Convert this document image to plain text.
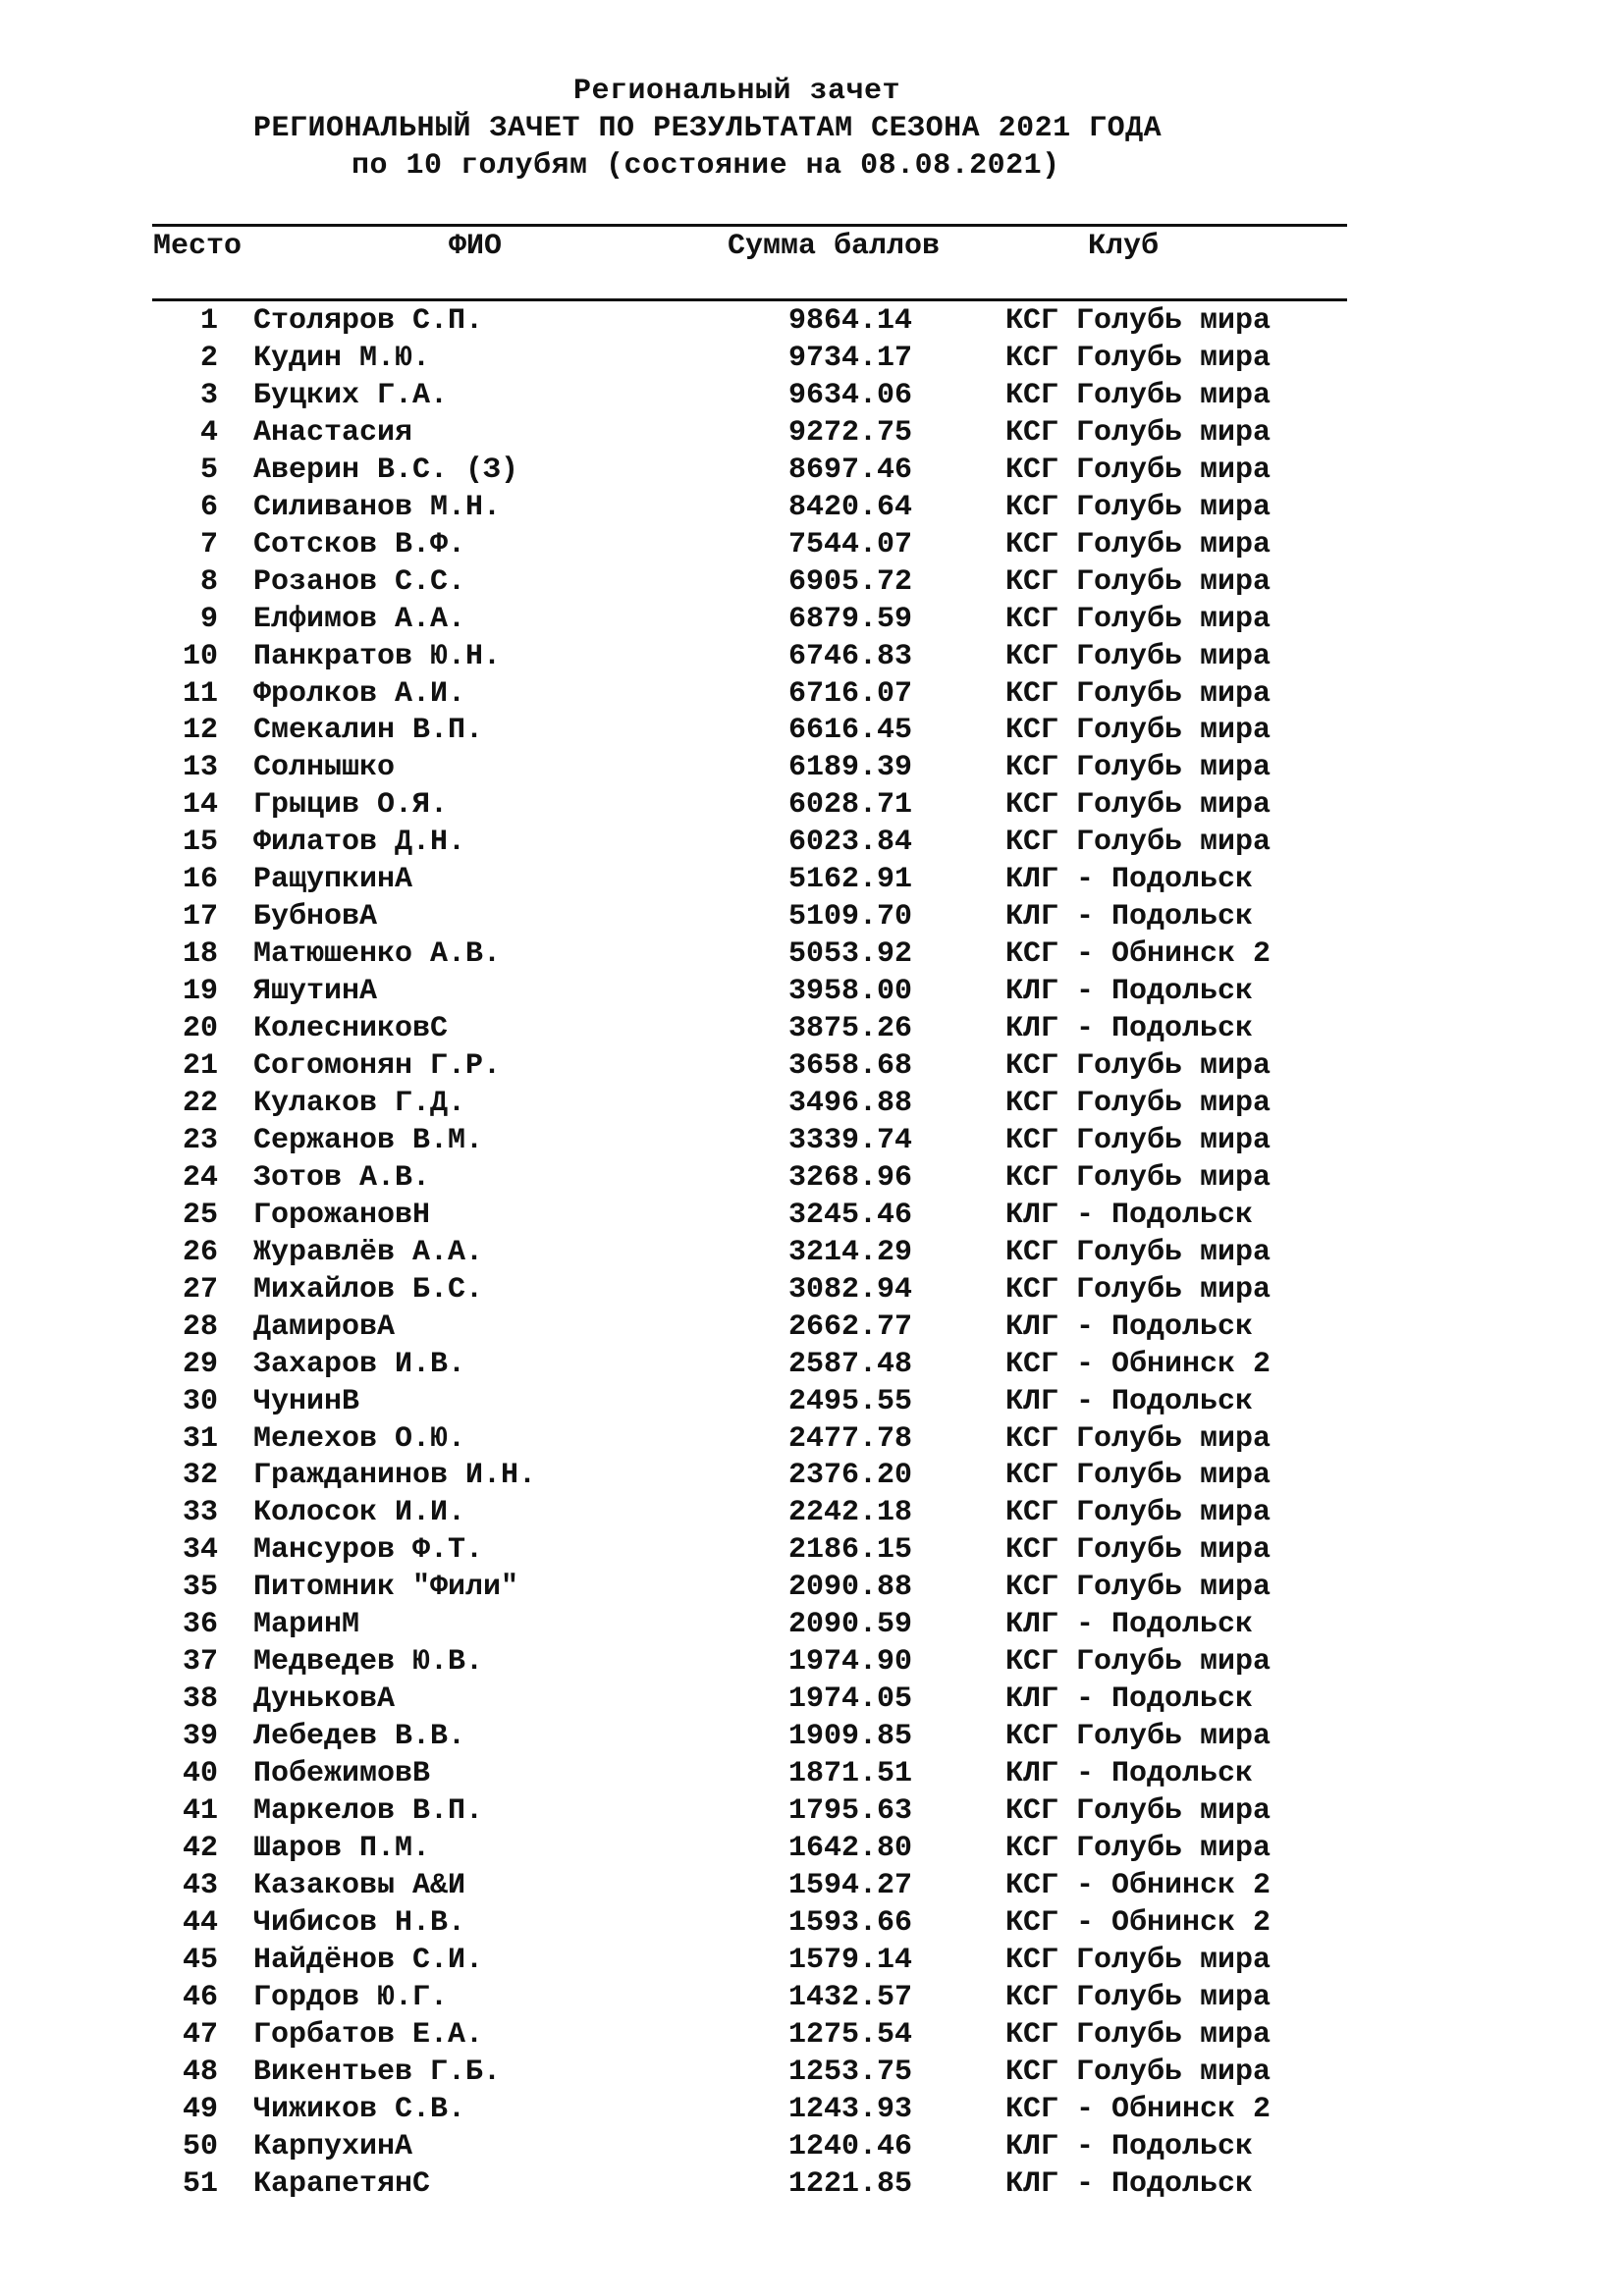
Региональный зачет
РЕГИОНАЛЬНЫЙ ЗАЧЕТ ПО РЕЗУЛЬТАТАМ СЕЗОНА 2021 ГОДА
по 10 голубям (состояние на 08.08.2021)
Место	ФИО	Сумма баллов	Клуб
1 Столяров С.П.	9864.14	КСГ Голубь мира
2 Кудин М.Ю.	9734.17	КСГ Голубь мира
3 Буцких Г.А.	9634.06	КСГ Голубь мира
4 Анастасия	9272.75	КСГ Голубь мира
5 Аверин В.С. (З)	8697.46	КСГ Голубь мира
6 Силиванов М.Н.	8420.64	КСГ Голубь мира
7 Сотсков В.Ф.	7544.07	КСГ Голубь мира
8 Розанов С.С.	6905.72	КСГ Голубь мира
9 Елфимов А.А.	6879.59	КСГ Голубь мира
10 Панкратов Ю.Н.	6746.83	КСГ Голубь мира
11 Фролков А.И.	6716.07	КСГ Голубь мира
12 Смекалин В.П.	6616.45	КСГ Голубь мира
13 Солнышко	6189.39	КСГ Голубь мира
14 Грыцив О.Я.	6028.71	КСГ Голубь мира
15 Филатов Д.Н.	6023.84	КСГ Голубь мира
16 РащупкинА	5162.91	КЛГ - Подольск
17 БубновА	5109.70	КЛГ - Подольск
18 Матюшенко А.В.	5053.92	КСГ - Обнинск 2
19 ЯшутинА	3958.00	КЛГ - Подольск
20 КолесниковС	3875.26	КЛГ - Подольск
21 Согомонян Г.Р.	3658.68	КСГ Голубь мира
22 Кулаков Г.Д.	3496.88	КСГ Голубь мира
23 Сержанов В.М.	3339.74	КСГ Голубь мира
24 Зотов А.В.	3268.96	КСГ Голубь мира
25 ГорожановН	3245.46	КЛГ - Подольск
26 Журавлёв А.А.	3214.29	КСГ Голубь мира
27 Михайлов Б.С.	3082.94	КСГ Голубь мира
28 ДамировА	2662.77	КЛГ - Подольск
29 Захаров И.В.	2587.48	КСГ - Обнинск 2
30 ЧунинВ	2495.55	КЛГ - Подольск
31 Мелехов О.Ю.	2477.78	КСГ Голубь мира
32 Гражданинов И.Н.	2376.20	КСГ Голубь мира
33 Колосок И.И.	2242.18	КСГ Голубь мира
34 Мансуров Ф.Т.	2186.15	КСГ Голубь мира
35 Питомник "Фили"	2090.88	КСГ Голубь мира
36 МаринМ	2090.59	КЛГ - Подольск
37 Медведев Ю.В.	1974.90	КСГ Голубь мира
38 ДуньковА	1974.05	КЛГ - Подольск
39 Лебедев В.В.	1909.85	КСГ Голубь мира
40 ПобежимовВ	1871.51	КЛГ - Подольск
41 Маркелов В.П.	1795.63	КСГ Голубь мира
42 Шаров П.М.	1642.80	КСГ Голубь мира
43 Казаковы А&И	1594.27	КСГ - Обнинск 2
44 Чибисов Н.В.	1593.66	КСГ - Обнинск 2
45 Найдёнов С.И.	1579.14	КСГ Голубь мира
46 Гордов Ю.Г.	1432.57	КСГ Голубь мира
47 Горбатов Е.А.	1275.54	КСГ Голубь мира
48 Викентьев Г.Б.	1253.75	КСГ Голубь мира
49 Чижиков С.В.	1243.93	КСГ - Обнинск 2
50 КарпухинА	1240.46	КЛГ - Подольск
51 КарапетянС	1221.85	КЛГ - Подольск
